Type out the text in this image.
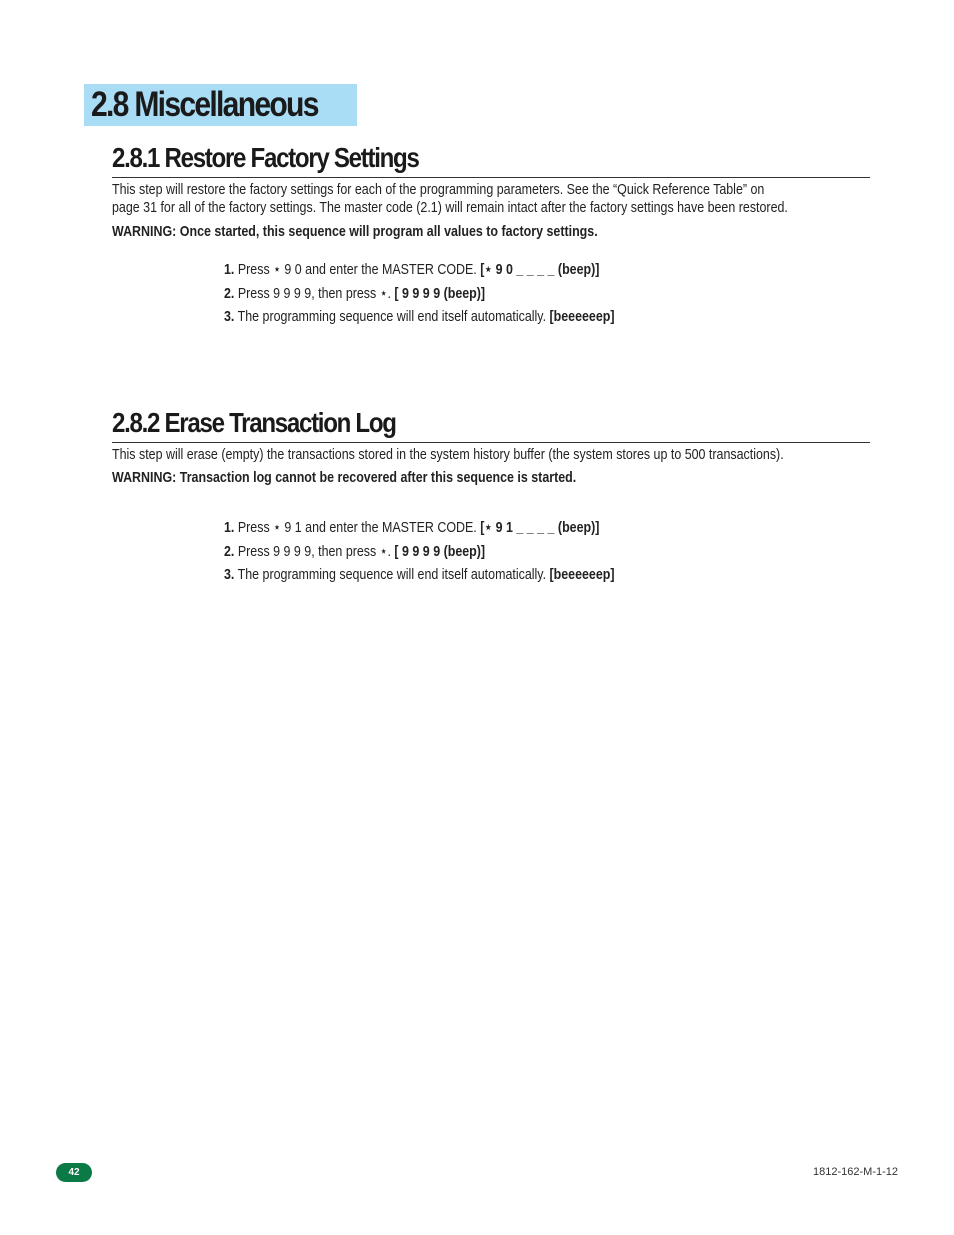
2.8 Miscellaneous
2.8.1 Restore Factory Settings
This step will restore the factory settings for each of the programming parameters. See the “Quick Reference Table” on
page 31 for all of the factory settings. The master code (2.1) will remain intact after the factory settings have been restored.
WARNING: Once started, this sequence will program all values to factory settings.
1. Press ⋆ 9 0 and enter the MASTER CODE. [⋆ 9 0 _ _ _ _ (beep)]
2. Press 9 9 9 9, then press ⋆. [ 9 9 9 9 (beep)]
3. The programming sequence will end itself automatically. [beeeeeep]
2.8.2 Erase Transaction Log
This step will erase (empty) the transactions stored in the system history buffer (the system stores up to 500 transactions).
WARNING: Transaction log cannot be recovered after this sequence is started.
1. Press ⋆ 9 1 and enter the MASTER CODE. [⋆ 9 1 _ _ _ _ (beep)]
2. Press 9 9 9 9, then press ⋆. [ 9 9 9 9 (beep)]
3. The programming sequence will end itself automatically. [beeeeeep]
42	1812-162-M-1-12
